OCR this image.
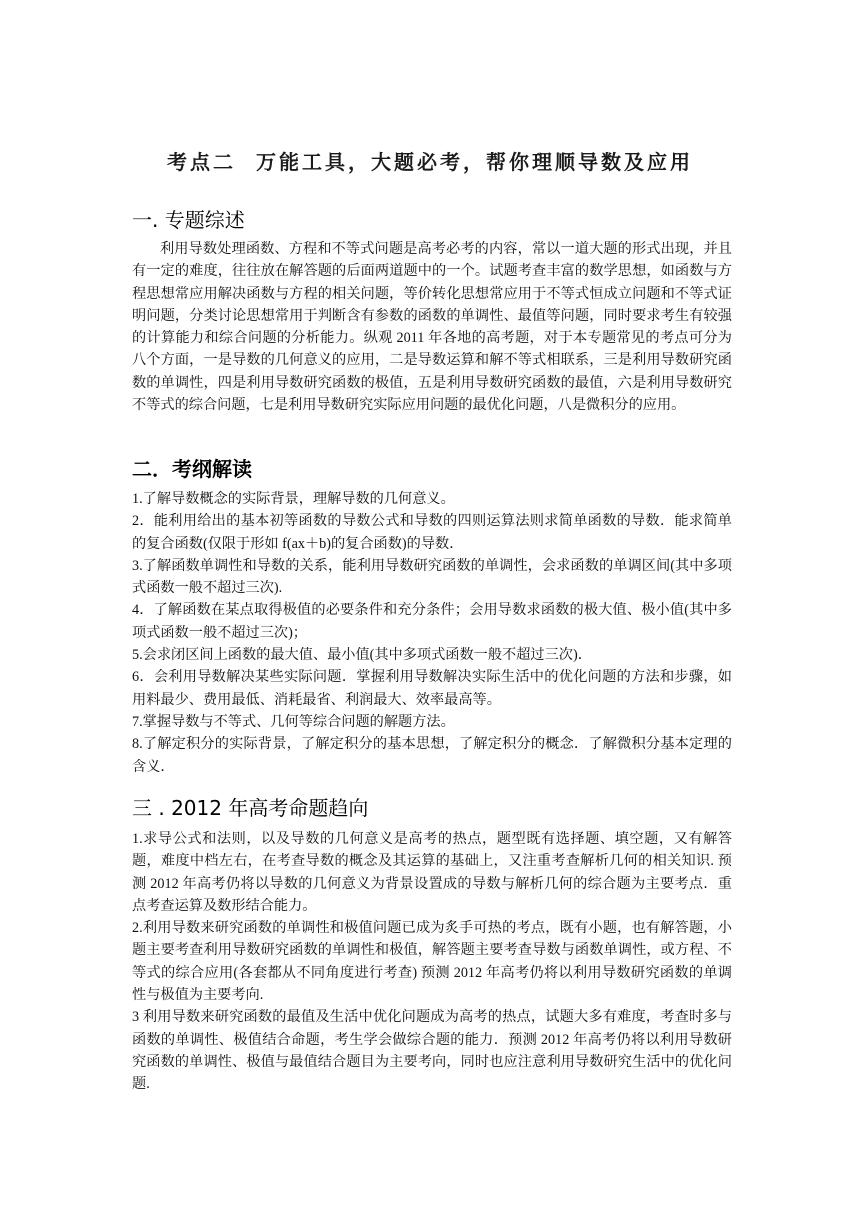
考点二  万能工具，大题必考，帮你理顺导数及应用
一. 专题综述

利用导数处理函数、方程和不等式问题是高考必考的内容，常以一道大题的形式出现，并且有一定的难度，往往放在解答题的后面两道题中的一个。试题考查丰富的数学思想，如函数与方程思想常应用解决函数与方程的相关问题，等价转化思想常应用于不等式恒成立问题和不等式证明问题，分类讨论思想常用于判断含有参数的函数的单调性、最值等问题，同时要求考生有较强的计算能力和综合问题的分析能力。纵观 2011 年各地的高考题，对于本专题常见的考点可分为八个方面，一是导数的几何意义的应用，二是导数运算和解不等式相联系，三是利用导数研究函数的单调性，四是利用导数研究函数的极值，五是利用导数研究函数的最值，六是利用导数研究不等式的综合问题，七是利用导数研究实际应用问题的最优化问题，八是微积分的应用。

二．考纲解读

1.了解导数概念的实际背景，理解导数的几何意义。

2．能利用给出的基本初等函数的导数公式和导数的四则运算法则求简单函数的导数．能求简单的复合函数(仅限于形如 f(ax＋b)的复合函数)的导数．

3.了解函数单调性和导数的关系，能利用导数研究函数的单调性，会求函数的单调区间(其中多项式函数一般不超过三次).

4．了解函数在某点取得极值的必要条件和充分条件；会用导数求函数的极大值、极小值(其中多项式函数一般不超过三次)；

5.会求闭区间上函数的最大值、最小值(其中多项式函数一般不超过三次)．

6．会利用导数解决某些实际问题．掌握利用导数解决实际生活中的优化问题的方法和步骤，如用料最少、费用最低、消耗最省、利润最大、效率最高等。

7.掌握导数与不等式、几何等综合问题的解题方法。

8.了解定积分的实际背景，了解定积分的基本思想，了解定积分的概念．了解微积分基本定理的含义．

三 . 2012 年高考命题趋向

1.求导公式和法则，以及导数的几何意义是高考的热点，题型既有选择题、填空题，又有解答题，难度中档左右，在考查导数的概念及其运算的基础上，又注重考查解析几何的相关知识. 预测 2012 年高考仍将以导数的几何意义为背景设置成的导数与解析几何的综合题为主要考点．重点考查运算及数形结合能力。

2.利用导数来研究函数的单调性和极值问题已成为炙手可热的考点，既有小题，也有解答题，小题主要考查利用导数研究函数的单调性和极值，解答题主要考查导数与函数单调性，或方程、不等式的综合应用(各套都从不同角度进行考查) 预测 2012 年高考仍将以利用导数研究函数的单调性与极值为主要考向.

3 利用导数来研究函数的最值及生活中优化问题成为高考的热点，试题大多有难度，考查时多与函数的单调性、极值结合命题，考生学会做综合题的能力．预测 2012 年高考仍将以利用导数研究函数的单调性、极值与最值结合题目为主要考向，同时也应注意利用导数研究生活中的优化问题.
